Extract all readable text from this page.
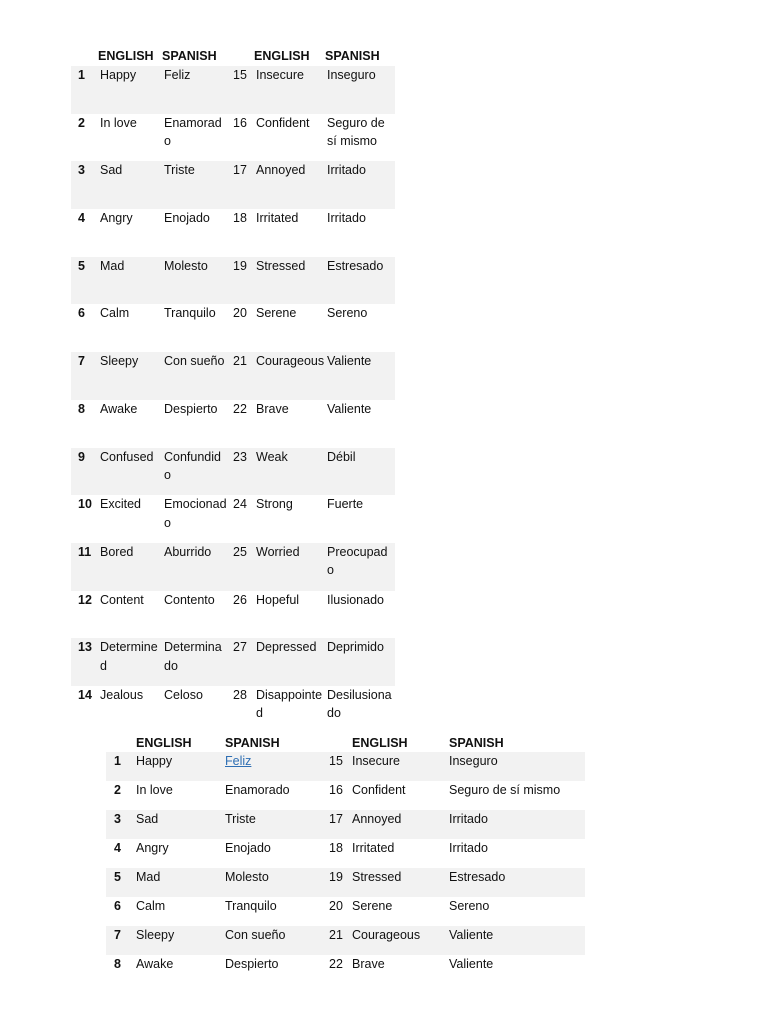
	ENGLISH	SPANISH		ENGLISH	SPANISH
1	Happy	Feliz	15	Insecure	Inseguro
2	In love	Enamorado	16	Confident	Seguro de sí mismo
3	Sad	Triste	17	Annoyed	Irritado
4	Angry	Enojado	18	Irritated	Irritado
5	Mad	Molesto	19	Stressed	Estresado
6	Calm	Tranquilo	20	Serene	Sereno
7	Sleepy	Con sueño	21	Courageous	Valiente
8	Awake	Despierto	22	Brave	Valiente
9	Confused	Confundido	23	Weak	Débil
10	Excited	Emocionado	24	Strong	Fuerte
11	Bored	Aburrido	25	Worried	Preocupado
12	Content	Contento	26	Hopeful	Ilusionado
13	Determined	Determinado	27	Depressed	Deprimido
14	Jealous	Celoso	28	Disappointed	Desilusionado
	ENGLISH	SPANISH		ENGLISH	SPANISH
1	Happy	Feliz	15	Insecure	Inseguro
2	In love	Enamorado	16	Confident	Seguro de sí mismo
3	Sad	Triste	17	Annoyed	Irritado
4	Angry	Enojado	18	Irritated	Irritado
5	Mad	Molesto	19	Stressed	Estresado
6	Calm	Tranquilo	20	Serene	Sereno
7	Sleepy	Con sueño	21	Courageous	Valiente
8	Awake	Despierto	22	Brave	Valiente
